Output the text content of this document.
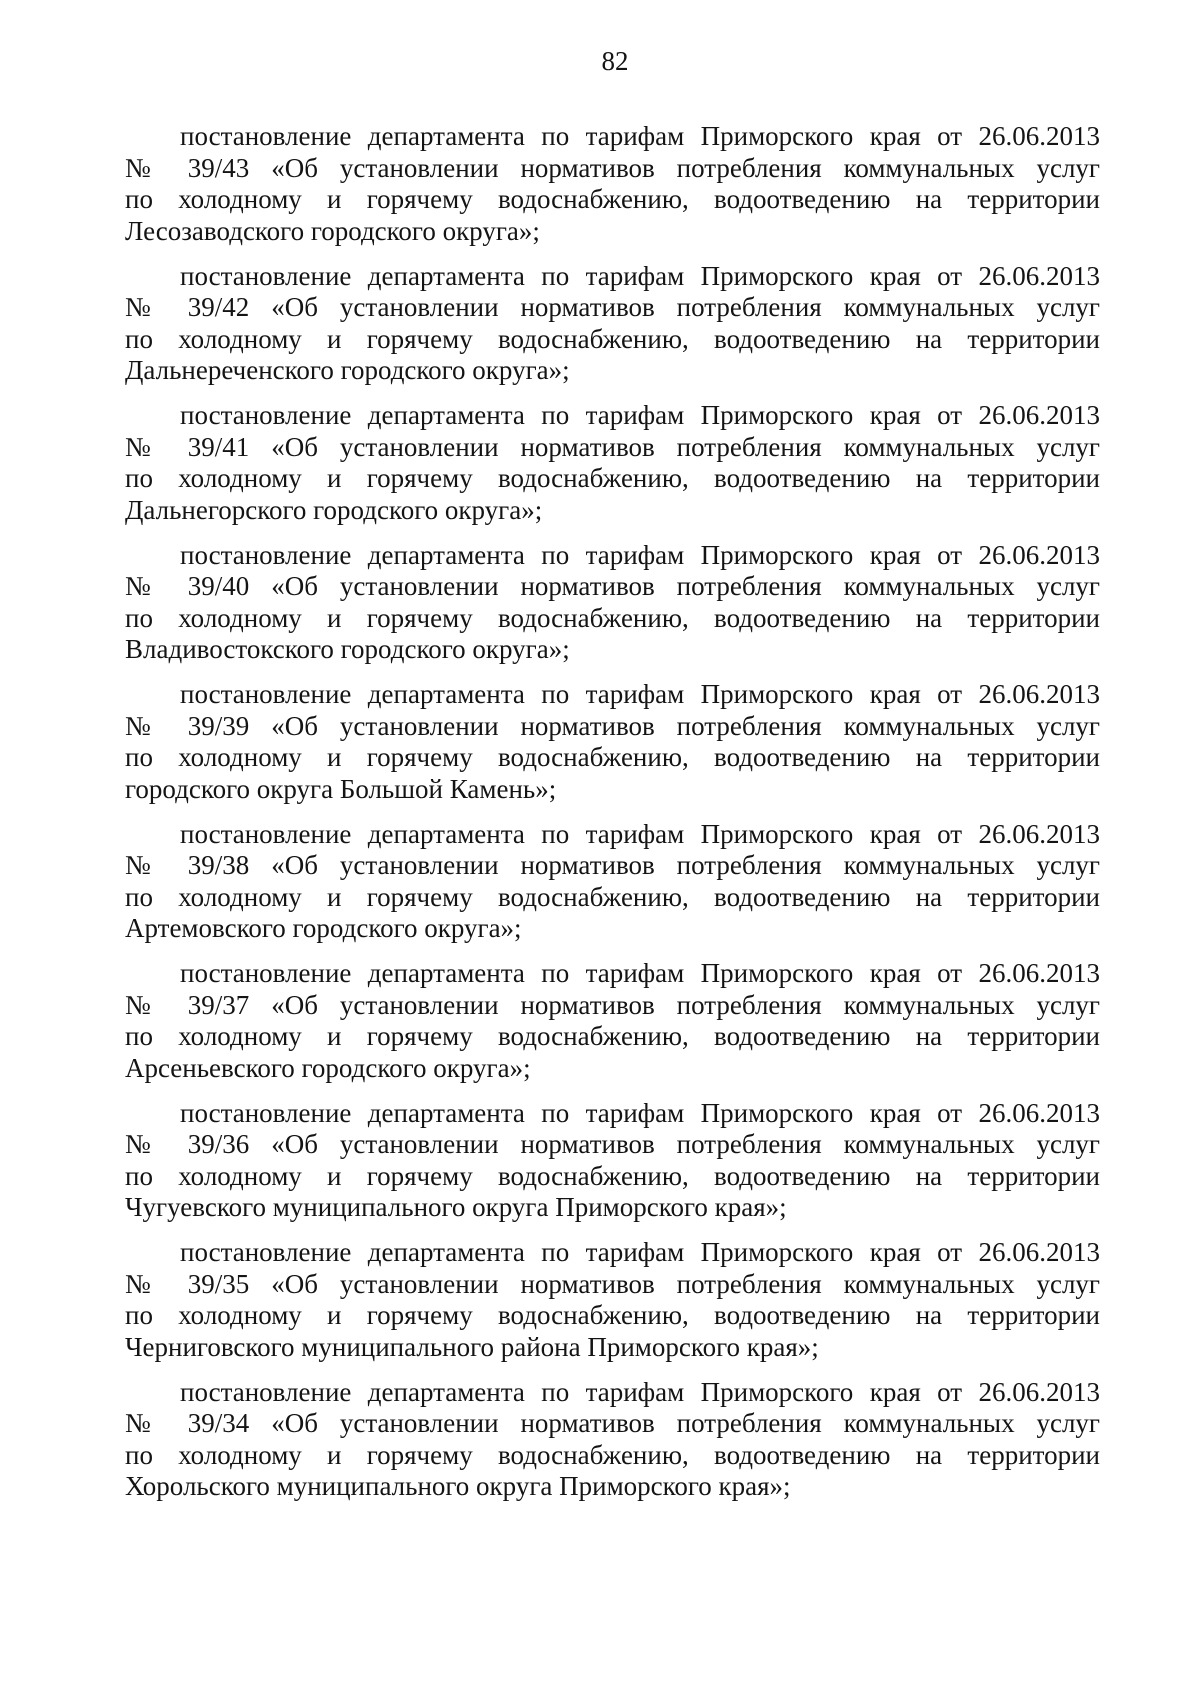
82
постановление департамента по тарифам Приморского края от 26.06.2013
№ 39/43 «Об установлении нормативов потребления коммунальных услуг
по холодному и горячему водоснабжению, водоотведению на территории
Лесозаводского городского округа»;
постановление департамента по тарифам Приморского края от 26.06.2013
№ 39/42 «Об установлении нормативов потребления коммунальных услуг
по холодному и горячему водоснабжению, водоотведению на территории
Дальнереченского городского округа»;
постановление департамента по тарифам Приморского края от 26.06.2013
№ 39/41 «Об установлении нормативов потребления коммунальных услуг
по холодному и горячему водоснабжению, водоотведению на территории
Дальнегорского городского округа»;
постановление департамента по тарифам Приморского края от 26.06.2013
№ 39/40 «Об установлении нормативов потребления коммунальных услуг
по холодному и горячему водоснабжению, водоотведению на территории
Владивостокского городского округа»;
постановление департамента по тарифам Приморского края от 26.06.2013
№ 39/39 «Об установлении нормативов потребления коммунальных услуг
по холодному и горячему водоснабжению, водоотведению на территории
городского округа Большой Камень»;
постановление департамента по тарифам Приморского края от 26.06.2013
№ 39/38 «Об установлении нормативов потребления коммунальных услуг
по холодному и горячему водоснабжению, водоотведению на территории
Артемовского городского округа»;
постановление департамента по тарифам Приморского края от 26.06.2013
№ 39/37 «Об установлении нормативов потребления коммунальных услуг
по холодному и горячему водоснабжению, водоотведению на территории
Арсеньевского городского округа»;
постановление департамента по тарифам Приморского края от 26.06.2013
№ 39/36 «Об установлении нормативов потребления коммунальных услуг
по холодному и горячему водоснабжению, водоотведению на территории
Чугуевского муниципального округа Приморского края»;
постановление департамента по тарифам Приморского края от 26.06.2013
№ 39/35 «Об установлении нормативов потребления коммунальных услуг
по холодному и горячему водоснабжению, водоотведению на территории
Черниговского муниципального района Приморского края»;
постановление департамента по тарифам Приморского края от 26.06.2013
№ 39/34 «Об установлении нормативов потребления коммунальных услуг
по холодному и горячему водоснабжению, водоотведению на территории
Хорольского муниципального округа Приморского края»;
